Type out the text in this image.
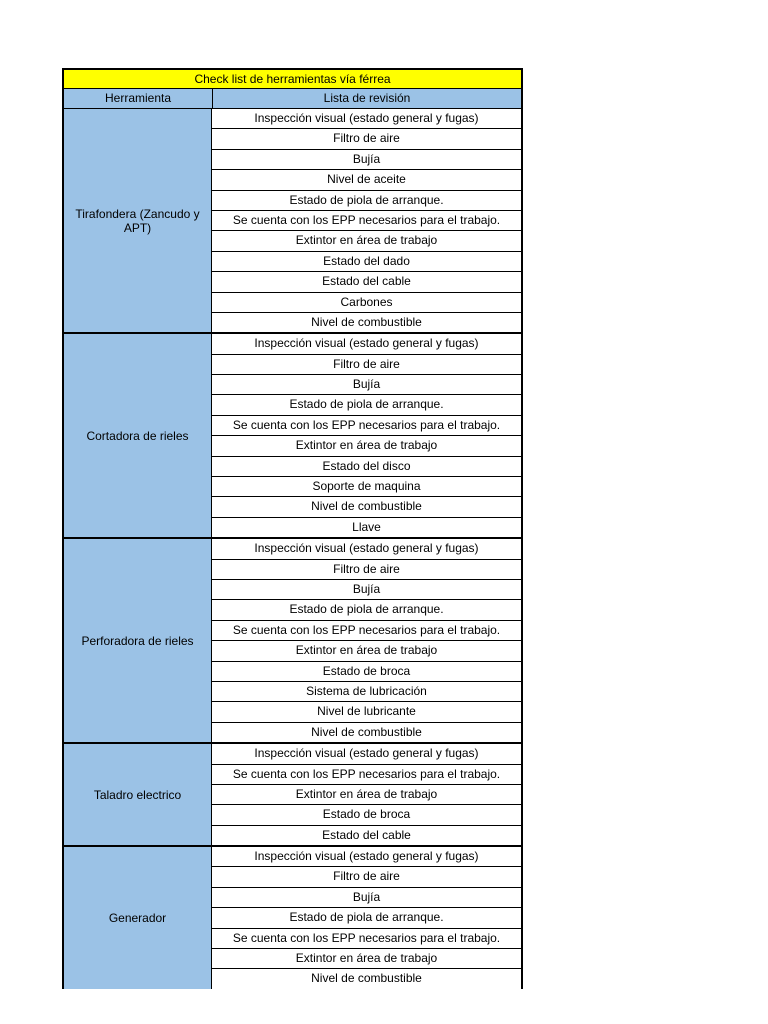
Check list de herramientas vía férrea
Herramienta	Lista de revisión
Tirafondera (Zancudo y APT)
Inspección visual (estado general y fugas)
Filtro de aire
Bujía
Nivel de aceite
Estado de piola de arranque.
Se cuenta con los EPP necesarios para el trabajo.
Extintor en área de trabajo
Estado del dado
Estado del cable
Carbones
Nivel de combustible
Cortadora de rieles
Inspección visual (estado general y fugas)
Filtro de aire
Bujía
Estado de piola de arranque.
Se cuenta con los EPP necesarios para el trabajo.
Extintor en área de trabajo
Estado del disco
Soporte de maquina
Nivel de combustible
Llave
Perforadora de rieles
Inspección visual (estado general y fugas)
Filtro de aire
Bujía
Estado de piola de arranque.
Se cuenta con los EPP necesarios para el trabajo.
Extintor en área de trabajo
Estado de broca
Sistema de lubricación
Nivel de lubricante
Nivel de combustible
Taladro electrico
Inspección visual (estado general y fugas)
Se cuenta con los EPP necesarios para el trabajo.
Extintor en área de trabajo
Estado de broca
Estado del cable
Generador
Inspección visual (estado general y fugas)
Filtro de aire
Bujía
Estado de piola de arranque.
Se cuenta con los EPP necesarios para el trabajo.
Extintor en área de trabajo
Nivel de combustible
